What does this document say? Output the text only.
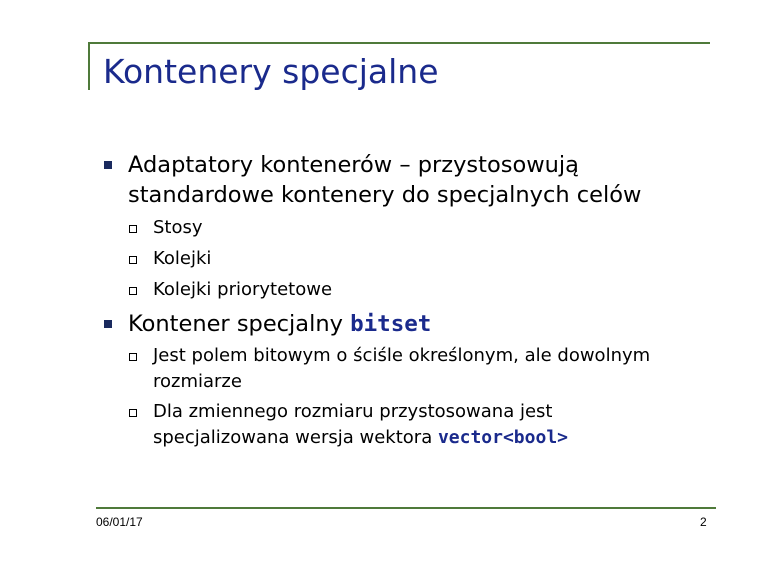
Kontenery specjalne
Adaptatory kontenerów – przystosowują
standardowe kontenery do specjalnych celów
Stosy
Kolejki
Kolejki priorytetowe
Kontener specjalny bitset
Jest polem bitowym o ściśle określonym, ale dowolnym
rozmiarze
Dla zmiennego rozmiaru przystosowana jest
specjalizowana wersja wektora vector<bool>
06/01/17	2
